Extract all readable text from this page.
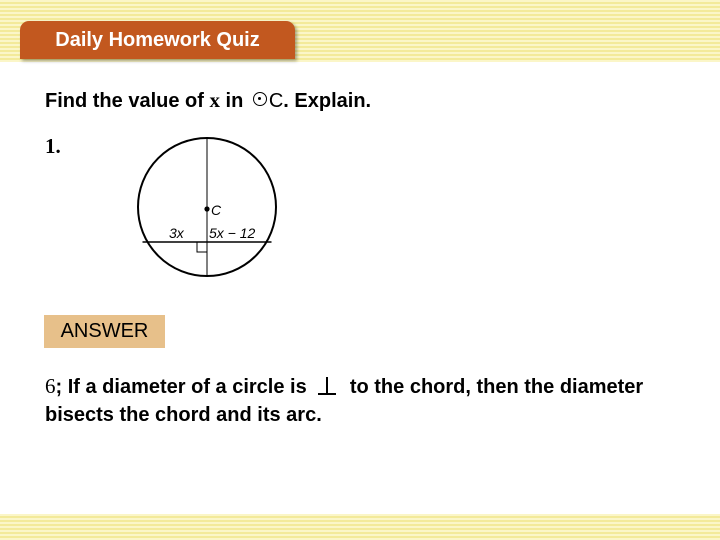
Daily Homework Quiz
Find the value of x in C. Explain.
1.
C
3x 5x − 12
ANSWER
6; If a diameter of a circle is  to the chord, then the diameter bisects the chord and its arc.
